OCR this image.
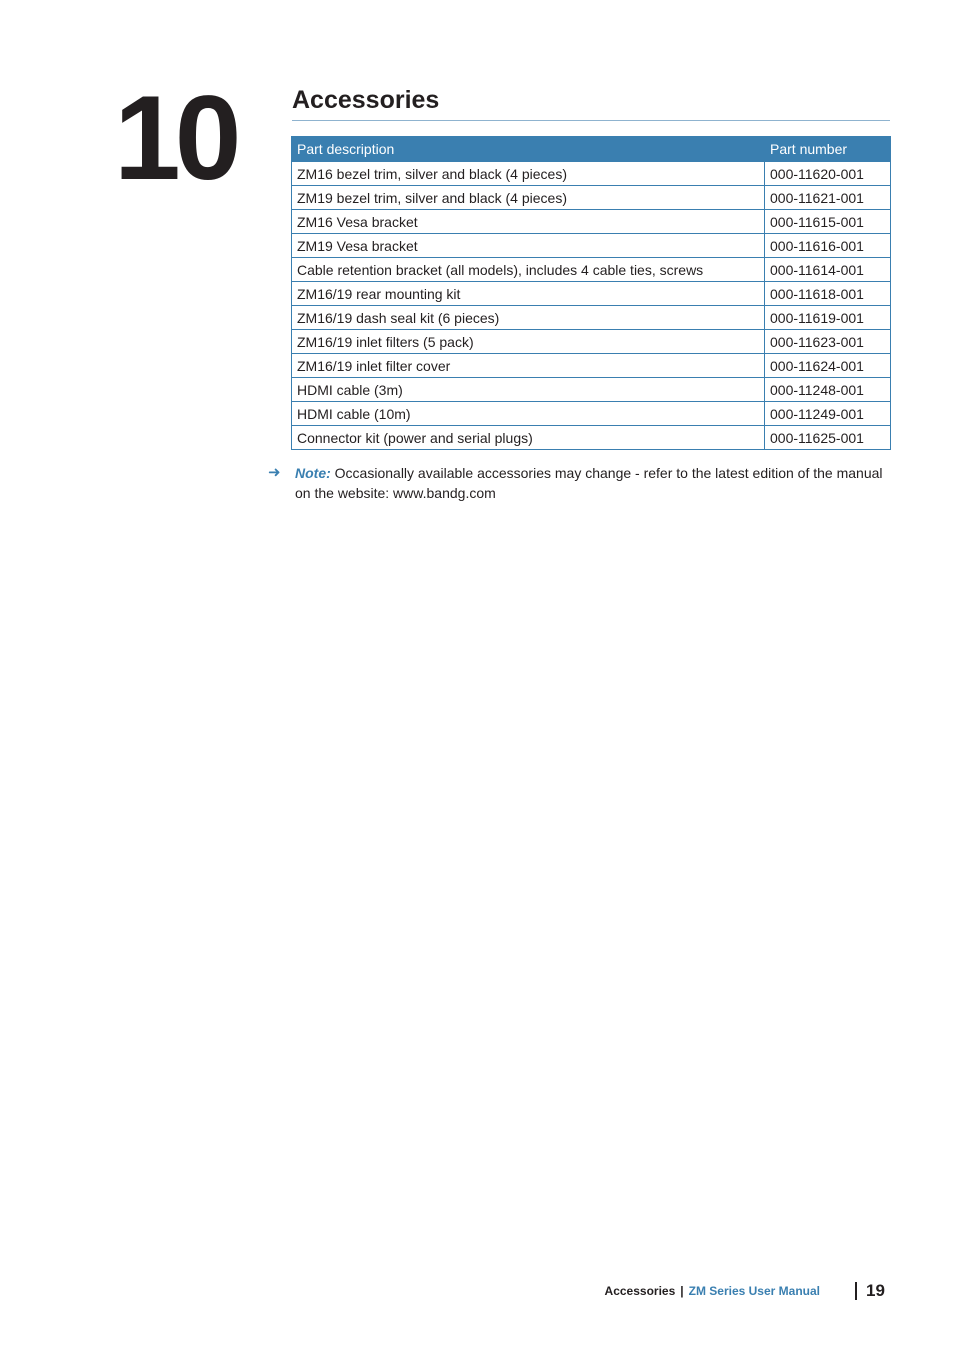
10 Accessories
Part description	Part number
ZM16 bezel trim, silver and black (4 pieces)	000-11620-001
ZM19 bezel trim, silver and black (4 pieces)	000-11621-001
ZM16 Vesa bracket	000-11615-001
ZM19 Vesa bracket	000-11616-001
Cable retention bracket (all models), includes 4 cable ties, screws	000-11614-001
ZM16/19 rear mounting kit	000-11618-001
ZM16/19 dash seal kit (6 pieces)	000-11619-001
ZM16/19 inlet filters (5 pack)	000-11623-001
ZM16/19 inlet filter cover	000-11624-001
HDMI cable (3m)	000-11248-001
HDMI cable (10m)	000-11249-001
Connector kit (power and serial plugs)	000-11625-001
➜ Note: Occasionally available accessories may change - refer to the latest edition of the manual on the website: www.bandg.com
Accessories | ZM Series User Manual	19
